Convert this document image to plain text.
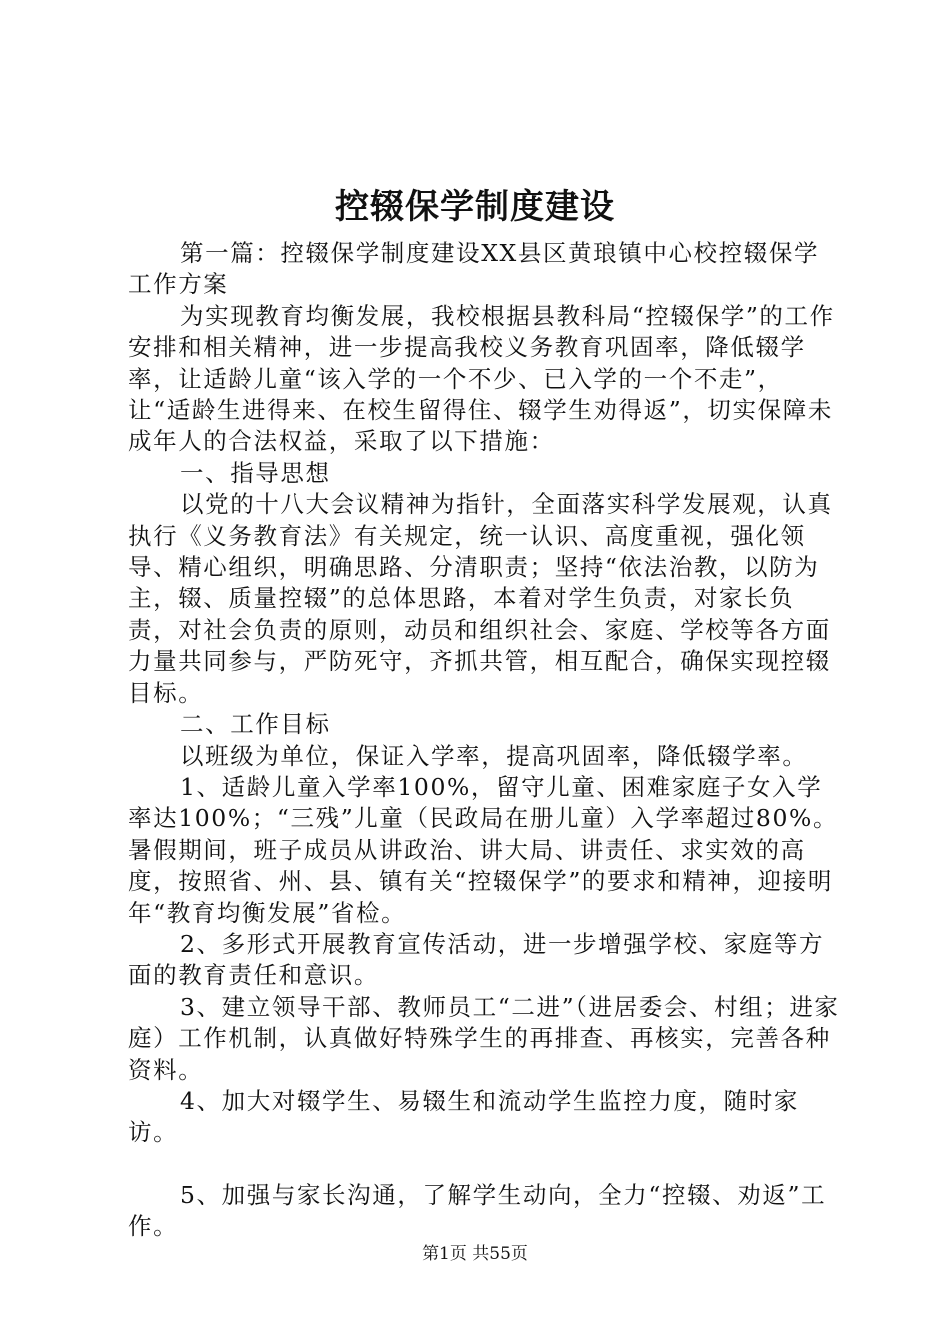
控辍保学制度建设

第一篇：控辍保学制度建设XX县区黄琅镇中心校控辍保学工作方案

为实现教育均衡发展，我校根据县教科局“控辍保学”的工作安排和相关精神，进一步提高我校义务教育巩固率，降低辍学率，让适龄儿童“该入学的一个不少、已入学的一个不走”，让“适龄生进得来、在校生留得住、辍学生劝得返”，切实保障未成年人的合法权益，采取了以下措施：

一、指导思想

以党的十八大会议精神为指针，全面落实科学发展观，认真执行《义务教育法》有关规定，统一认识、高度重视，强化领导、精心组织，明确思路、分清职责；坚持“依法治教，以防为主，辍、质量控辍”的总体思路，本着对学生负责，对家长负责，对社会负责的原则，动员和组织社会、家庭、学校等各方面力量共同参与，严防死守，齐抓共管，相互配合，确保实现控辍目标。

二、工作目标

以班级为单位，保证入学率，提高巩固率，降低辍学率。

1、适龄儿童入学率100%，留守儿童、困难家庭子女入学率达100%；“三残”儿童（民政局在册儿童）入学率超过80%。暑假期间，班子成员从讲政治、讲大局、讲责任、求实效的高度，按照省、州、县、镇有关“控辍保学”的要求和精神，迎接明年“教育均衡发展”省检。

2、多形式开展教育宣传活动，进一步增强学校、家庭等方面的教育责任和意识。

3、建立领导干部、教师员工“二进”（进居委会、村组；进家庭）工作机制，认真做好特殊学生的再排查、再核实，完善各种资料。

4、加大对辍学生、易辍生和流动学生监控力度，随时家访。

5、加强与家长沟通，了解学生动向，全力“控辍、劝返”工作。

第1页 共55页
